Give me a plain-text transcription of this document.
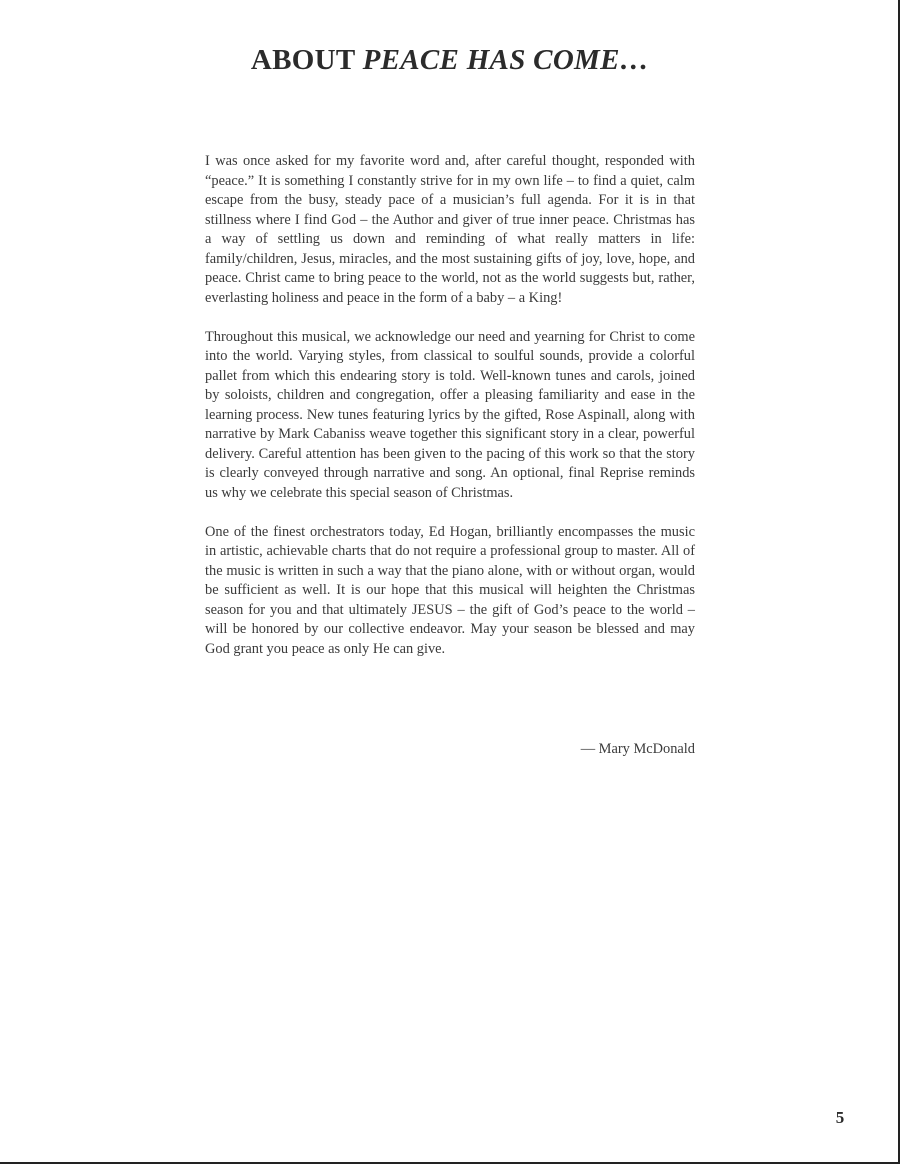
ABOUT PEACE HAS COME…

I was once asked for my favorite word and, after careful thought, responded with “peace.” It is something I constantly strive for in my own life – to find a quiet, calm escape from the busy, steady pace of a musician’s full agenda. For it is in that stillness where I find God – the Author and giver of true inner peace. Christmas has a way of settling us down and reminding of what really matters in life: family/children, Jesus, miracles, and the most sustaining gifts of joy, love, hope, and peace. Christ came to bring peace to the world, not as the world suggests but, rather, everlasting holiness and peace in the form of a baby – a King!

Throughout this musical, we acknowledge our need and yearning for Christ to come into the world. Varying styles, from classical to soulful sounds, provide a colorful pallet from which this endearing story is told. Well-known tunes and carols, joined by soloists, children and congregation, offer a pleasing familiarity and ease in the learning process. New tunes featuring lyrics by the gifted, Rose Aspinall, along with narrative by Mark Cabaniss weave together this significant story in a clear, powerful delivery. Careful attention has been given to the pacing of this work so that the story is clearly conveyed through narrative and song. An optional, final Reprise reminds us why we celebrate this special season of Christmas.

One of the finest orchestrators today, Ed Hogan, brilliantly encompasses the music in artistic, achievable charts that do not require a professional group to master. All of the music is written in such a way that the piano alone, with or without organ, would be sufficient as well. It is our hope that this musical will heighten the Christmas season for you and that ultimately JESUS – the gift of God’s peace to the world – will be honored by our collective endeavor. May your season be blessed and may God grant you peace as only He can give.

— Mary McDonald
5
